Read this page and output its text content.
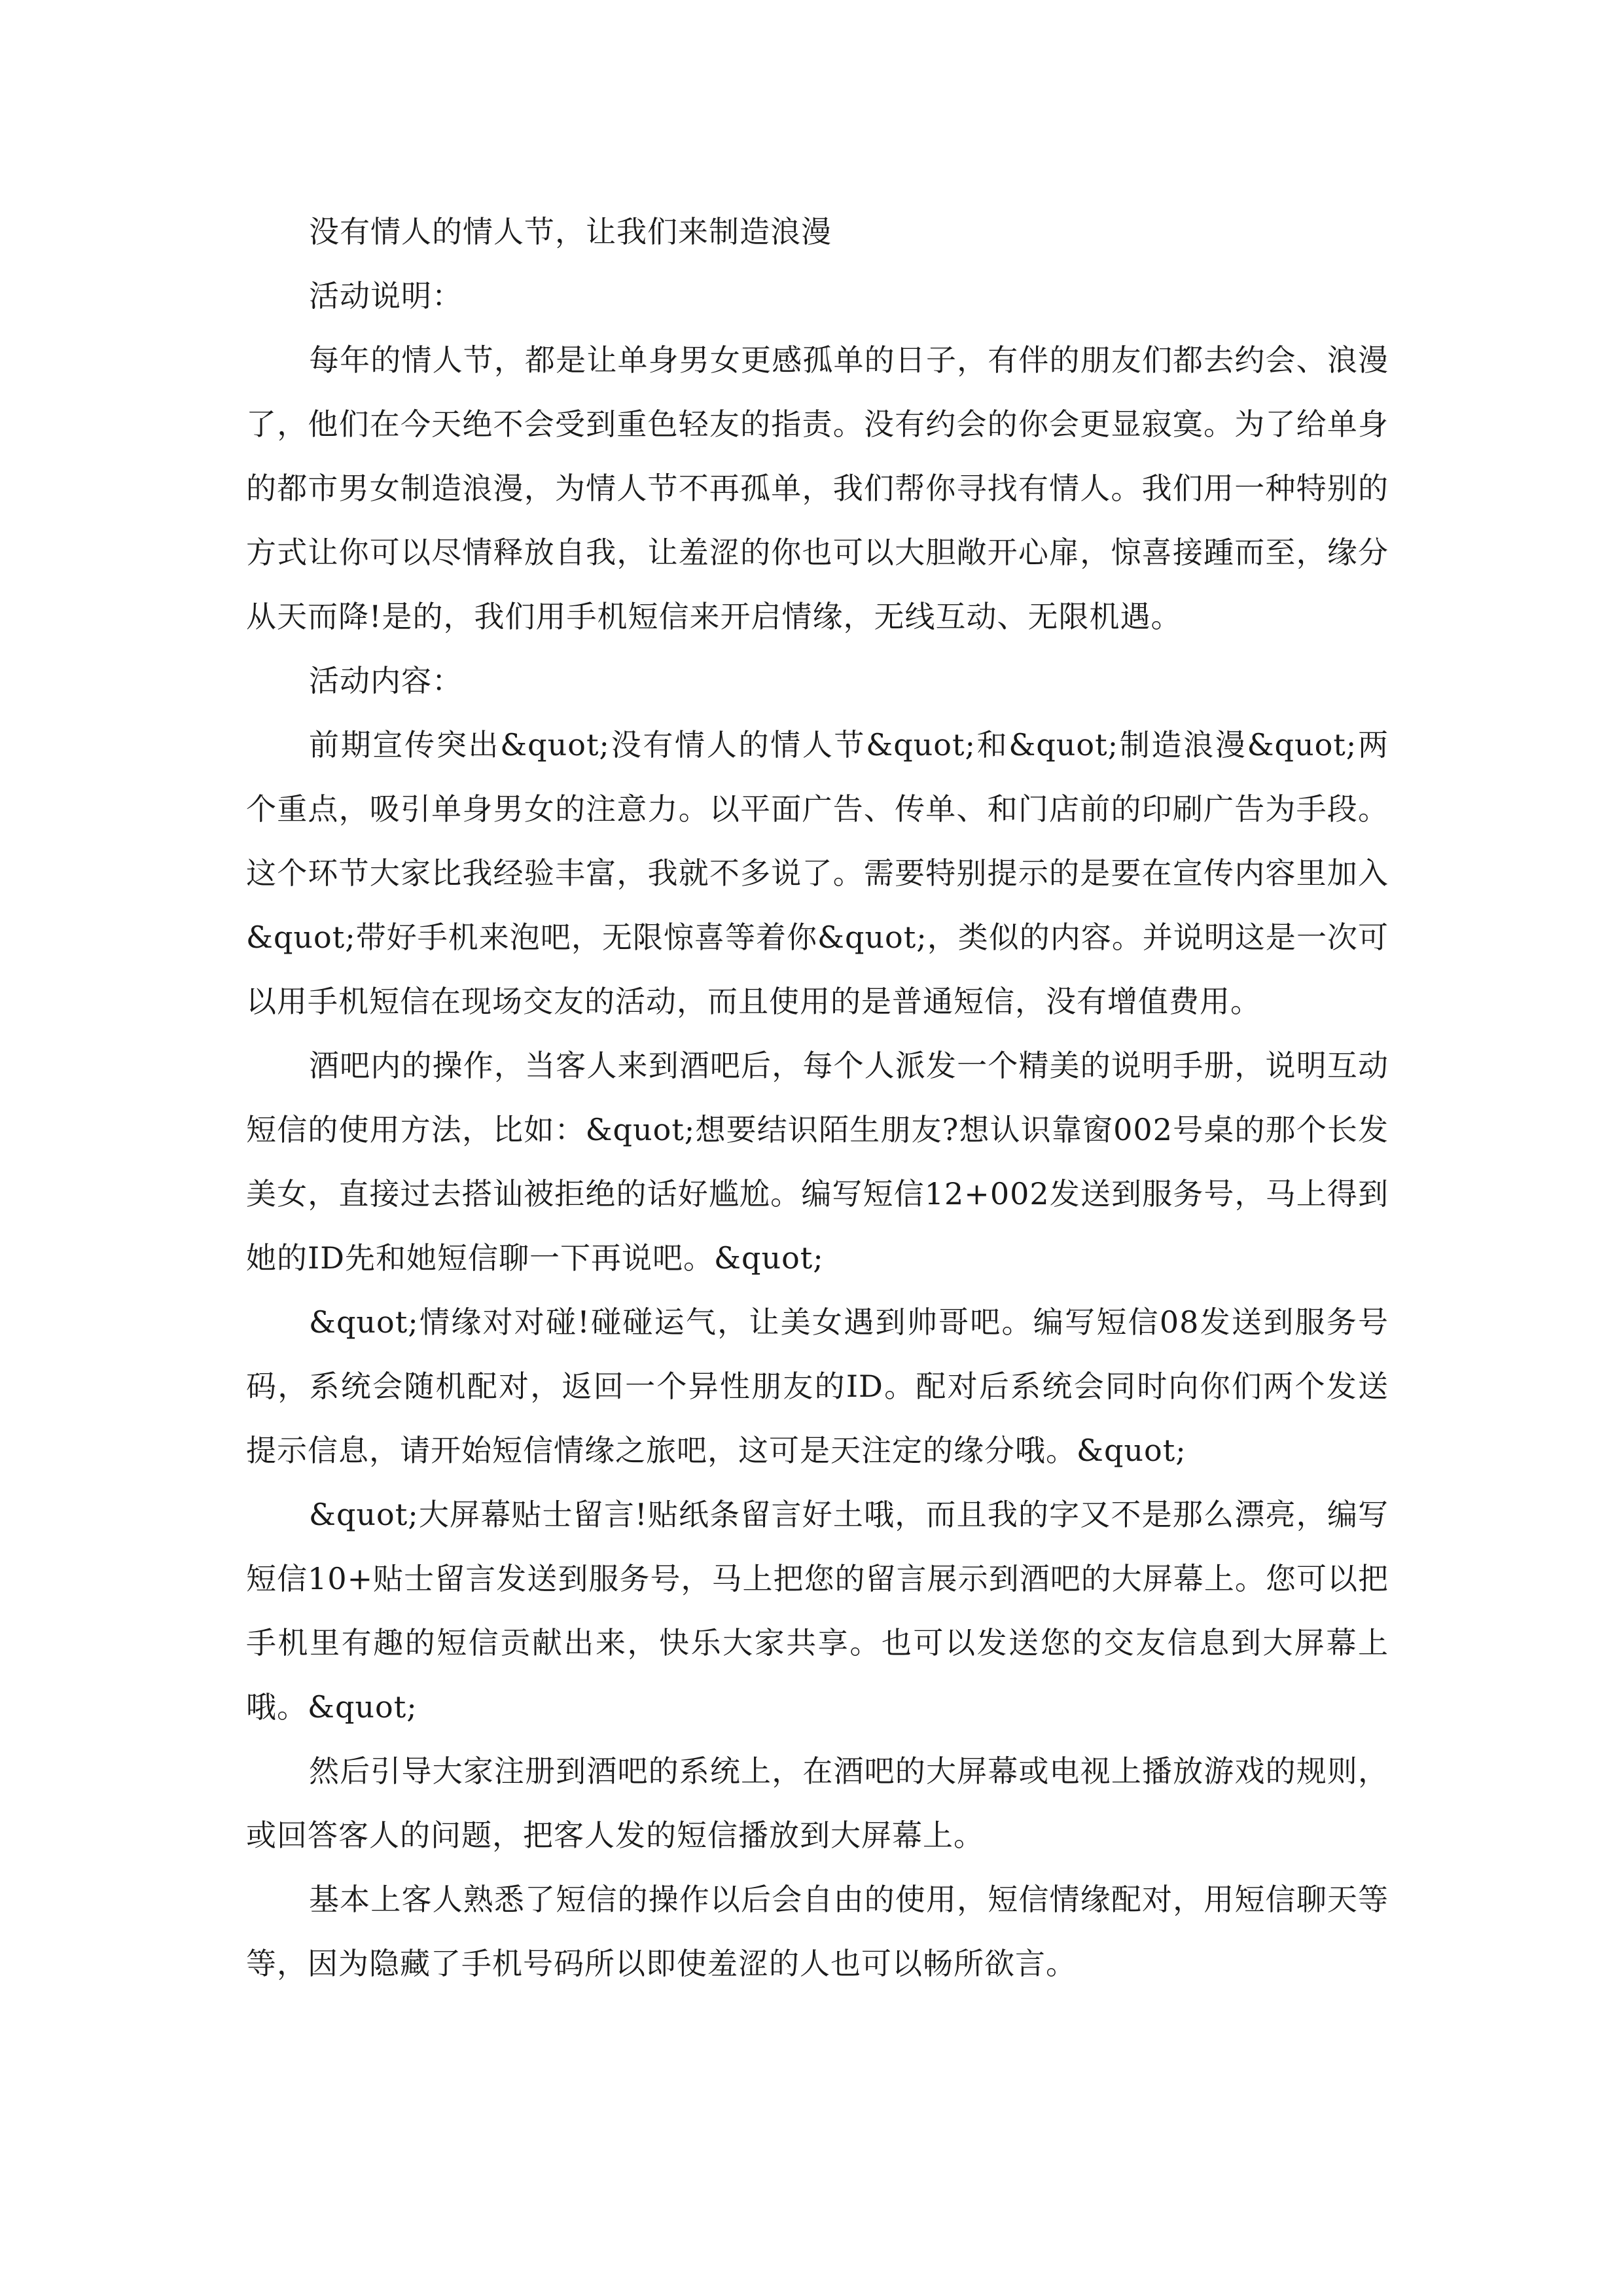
没有情人的情人节，让我们来制造浪漫

活动说明：

每年的情人节，都是让单身男女更感孤单的日子，有伴的朋友们都去约会、浪漫了，他们在今天绝不会受到重色轻友的指责。没有约会的你会更显寂寞。为了给单身的都市男女制造浪漫，为情人节不再孤单，我们帮你寻找有情人。我们用一种特别的方式让你可以尽情释放自我，让羞涩的你也可以大胆敞开心扉，惊喜接踵而至，缘分从天而降!是的，我们用手机短信来开启情缘，无线互动、无限机遇。

活动内容：

前期宣传突出&quot;没有情人的情人节&quot;和&quot;制造浪漫&quot;两个重点，吸引单身男女的注意力。以平面广告、传单、和门店前的印刷广告为手段。这个环节大家比我经验丰富，我就不多说了。需要特别提示的是要在宣传内容里加入&quot;带好手机来泡吧，无限惊喜等着你&quot;，类似的内容。并说明这是一次可以用手机短信在现场交友的活动，而且使用的是普通短信，没有增值费用。

酒吧内的操作，当客人来到酒吧后，每个人派发一个精美的说明手册，说明互动短信的使用方法，比如：&quot;想要结识陌生朋友?想认识靠窗002号桌的那个长发美女，直接过去搭讪被拒绝的话好尴尬。编写短信12+002发送到服务号，马上得到她的ID先和她短信聊一下再说吧。&quot;

&quot;情缘对对碰!碰碰运气，让美女遇到帅哥吧。编写短信08发送到服务号码，系统会随机配对，返回一个异性朋友的ID。配对后系统会同时向你们两个发送提示信息，请开始短信情缘之旅吧，这可是天注定的缘分哦。&quot;

&quot;大屏幕贴士留言!贴纸条留言好土哦，而且我的字又不是那么漂亮，编写短信10+贴士留言发送到服务号，马上把您的留言展示到酒吧的大屏幕上。您可以把手机里有趣的短信贡献出来，快乐大家共享。也可以发送您的交友信息到大屏幕上哦。&quot;

然后引导大家注册到酒吧的系统上，在酒吧的大屏幕或电视上播放游戏的规则，或回答客人的问题，把客人发的短信播放到大屏幕上。

基本上客人熟悉了短信的操作以后会自由的使用，短信情缘配对，用短信聊天等等，因为隐藏了手机号码所以即使羞涩的人也可以畅所欲言。
